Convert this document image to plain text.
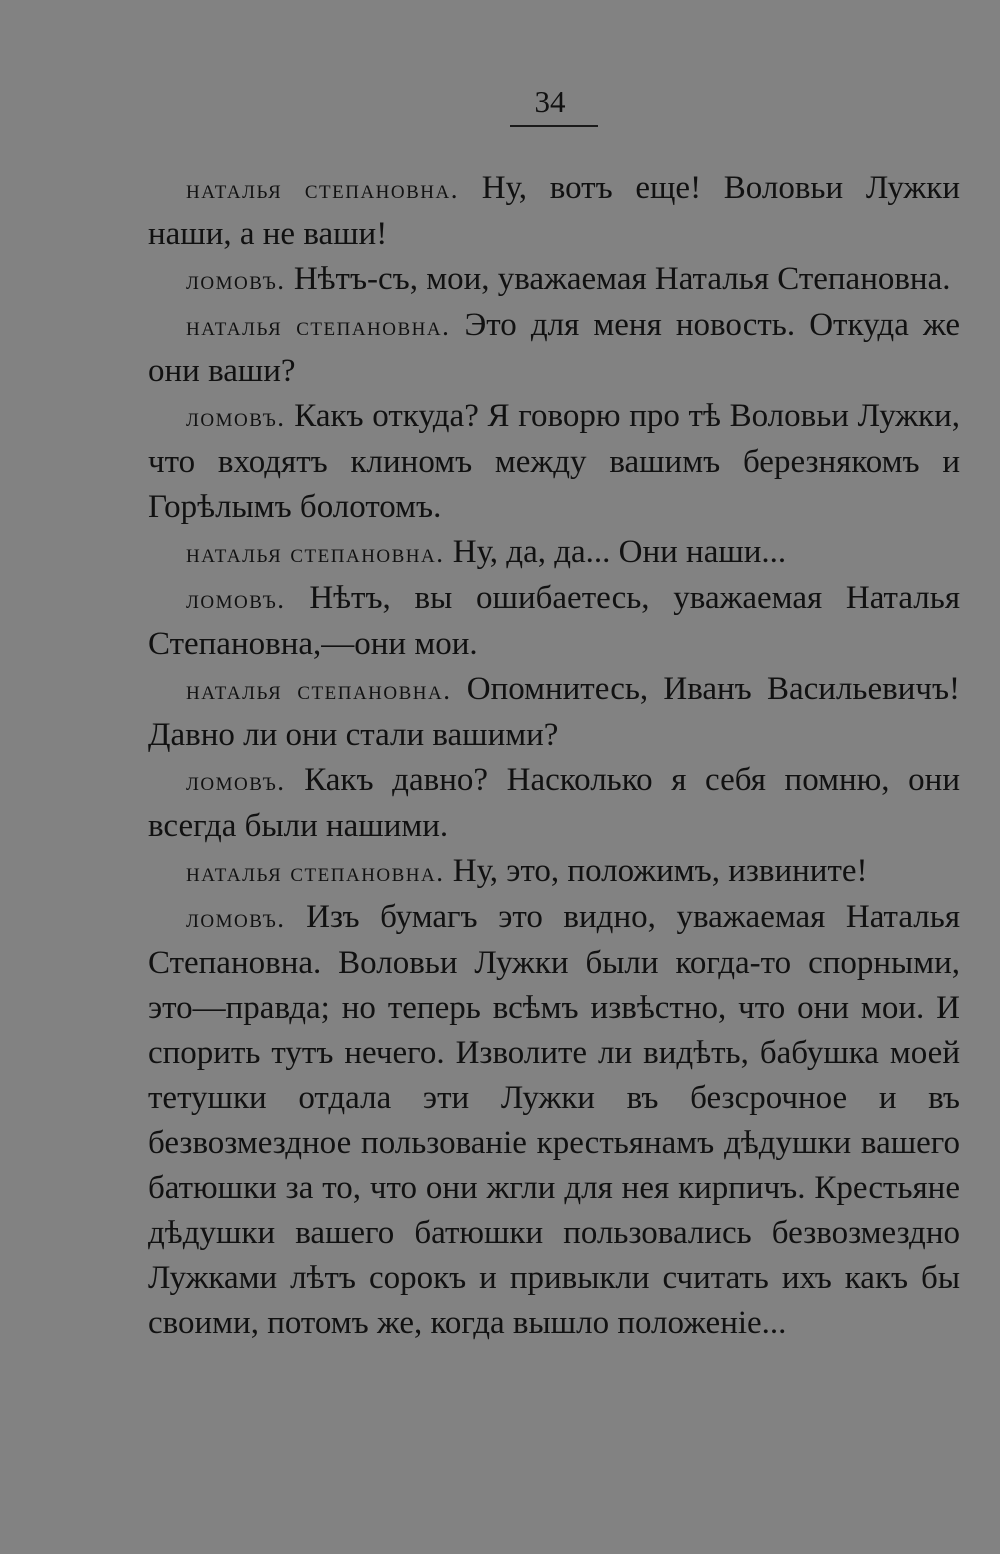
34

наталья степановна. Ну, вотъ еще! Воловьи Лужки наши, а не ваши!

ломовъ. Нѣтъ-съ, мои, уважаемая Наталья Степановна.

наталья степановна. Это для меня новость. Откуда же они ваши?

ломовъ. Какъ откуда? Я говорю про тѣ Воловьи Лужки, что входятъ клиномъ между вашимъ березнякомъ и Горѣлымъ болотомъ.

наталья степановна. Ну, да, да... Они наши...

ломовъ. Нѣтъ, вы ошибаетесь, уважаемая Наталья Степановна,—они мои.

наталья степановна. Опомнитесь, Иванъ Васильевичъ! Давно ли они стали вашими?

ломовъ. Какъ давно? Насколько я себя помню, они всегда были нашими.

наталья степановна. Ну, это, положимъ, извините!

ломовъ. Изъ бумагъ это видно, уважаемая Наталья Степановна. Воловьи Лужки были когда-то спорными, это—правда; но теперь всѣмъ извѣстно, что они мои. И спорить тутъ нечего. Изволите ли видѣть, бабушка моей тетушки отдала эти Лужки въ безсрочное и въ безвозмездное пользованіе крестьянамъ дѣдушки вашего батюшки за то, что они жгли для нея кирпичъ. Крестьяне дѣдушки вашего батюшки пользовались безвозмездно Лужками лѣтъ сорокъ и привыкли считать ихъ какъ бы своими, потомъ же, когда вышло положеніе...
